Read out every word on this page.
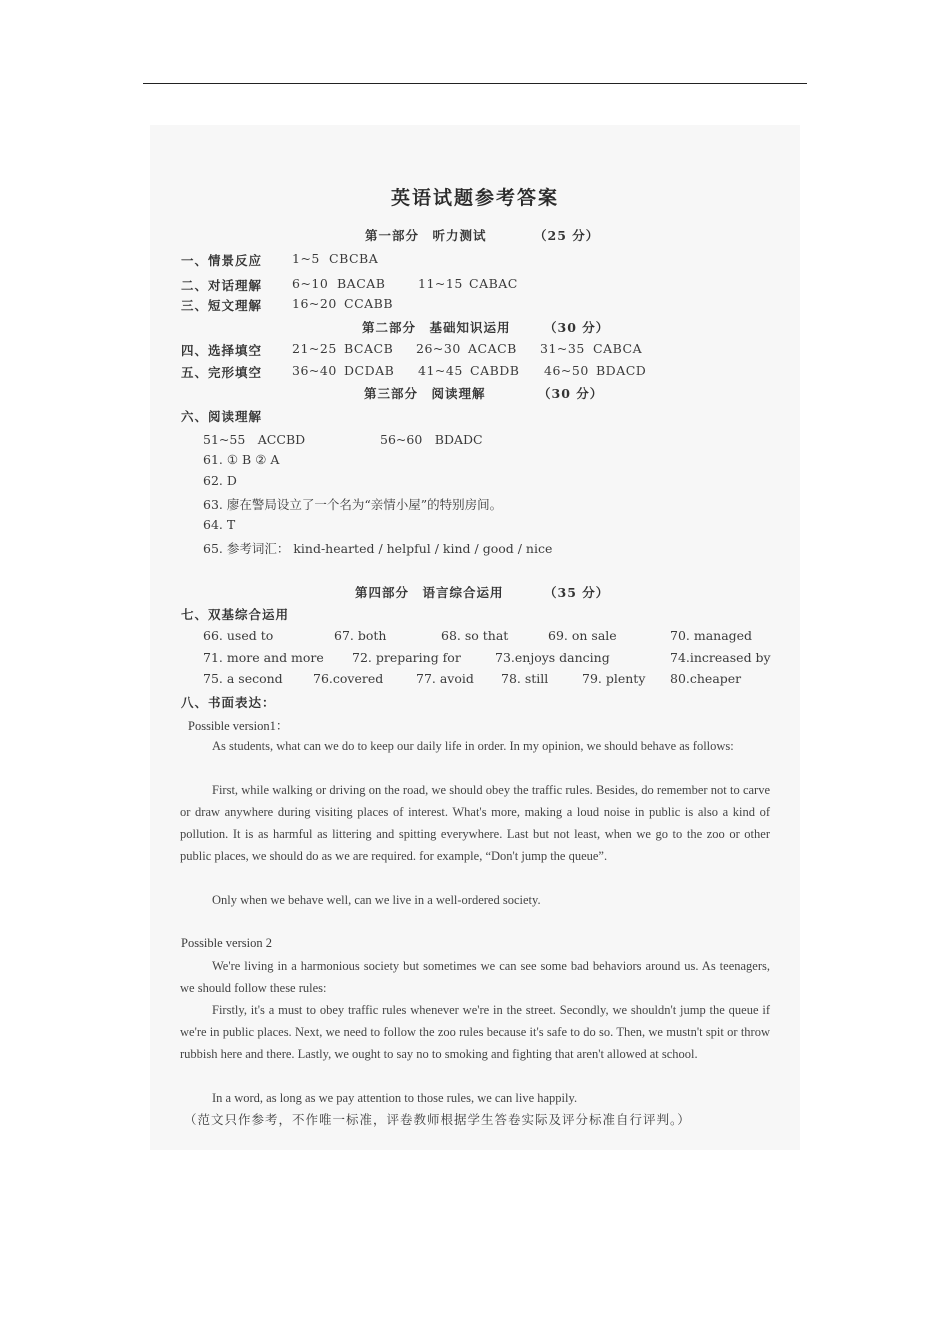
英语试题参考答案
第一部分　听力测试	（25 分）
一、情景反应 1~5 CBCBA
二、对话理解 6~10 BACAB	11~15 CABAC
三、短文理解 16~20 CCABB
第二部分　基础知识运用	（30 分）
四、选择填空 21~25 BCACB 26~30 ACACB 31~35 CABCA
五、完形填空 36~40 DCDAB 41~45 CABDB 46~50 BDACD
第三部分　阅读理解	（30 分）
六、阅读理解
51~55　ACCBD	56~60　BDADC
61. ① B ② A
62. D
63. 廖在警局设立了一个名为“亲情小屋”的特别房间。
64. T
65. 参考词汇： kind-hearted / helpful / kind / good / nice
第四部分　语言综合运用	（35 分）
七、双基综合运用
66. used to	67. both	68. so that	69. on sale	70. managed
71. more and more 72. preparing for	73.enjoys dancing	74.increased by
75. a second 76.covered	77. avoid 78. still	79. plenty 80.cheaper
八、书面表达：
Possible version1：
As students, what can we do to keep our daily life in order. In my opinion, we should behave as follows:
First, while walking or driving on the road, we should obey the traffic rules. Besides, do remember not to carve or draw anywhere during visiting places of interest. What's more, making a loud noise in public is also a kind of pollution. It is as harmful as littering and spitting everywhere. Last but not least, when we go to the zoo or other public places, we should do as we are required. for example, “Don't jump the queue”.
Only when we behave well, can we live in a well-ordered society.
Possible version 2
We're living in a harmonious society but sometimes we can see some bad behaviors around us. As teenagers, we should follow these rules:
Firstly, it's a must to obey traffic rules whenever we're in the street. Secondly, we shouldn't jump the queue if we're in public places. Next, we need to follow the zoo rules because it's safe to do so. Then, we mustn't spit or throw rubbish here and there. Lastly, we ought to say no to smoking and fighting that aren't allowed at school.
In a word, as long as we pay attention to those rules, we can live happily.
（范文只作参考，不作唯一标准，评卷教师根据学生答卷实际及评分标准自行评判。）
